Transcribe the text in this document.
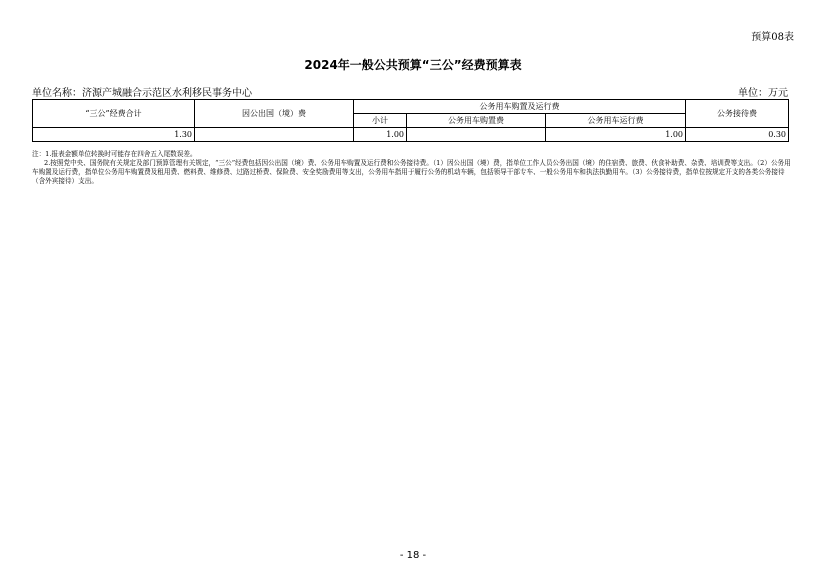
预算08表
2024年一般公共预算“三公”经费预算表
单位名称：济源产城融合示范区水利移民事务中心	单位：万元
“三公”经费合计	因公出国（境）费	公务用车购置及运行费			公务接待费
		小计	公务用车购置费	公务用车运行费	
1.30		1.00		1.00	0.30

注：1.报表金额单位转换时可能存在四舍五入尾数误差。

2.按照党中央、国务院有关规定及部门预算管理有关规定，“三公”经费包括因公出国（境）费、公务用车购置及运行费和公务接待费。（1）因公出国（境）费，指单位工作人员公务出国（境）的住宿费、旅费、伙食补助费、杂费、培训费等支出。（2）公务用车购置及运行费，指单位公务用车购置费及租用费、燃料费、维修费、过路过桥费、保险费、安全奖励费用等支出，公务用车指用于履行公务的机动车辆，包括领导干部专车、一般公务用车和执法执勤用车。（3）公务接待费，指单位按规定开支的各类公务接待（含外宾接待）支出。

- 18 -
